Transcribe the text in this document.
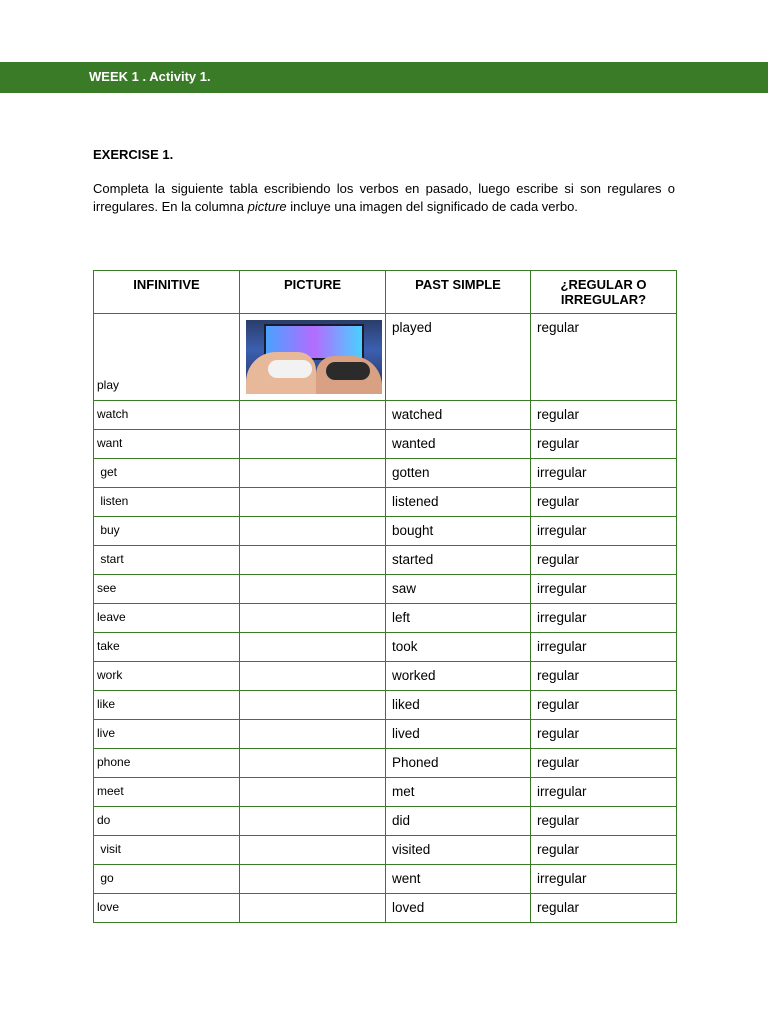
WEEK 1 . Activity 1.
EXERCISE 1.

Completa la siguiente tabla escribiendo los verbos en pasado, luego escribe si son regulares o irregulares. En la columna picture incluye una imagen del significado de cada verbo.

INFINITIVE	PICTURE	PAST SIMPLE	¿REGULAR O IRREGULAR?
play		played	regular
watch		watched	regular
want		wanted	regular
get		gotten	irregular
listen		listened	regular
buy		bought	irregular
start		started	regular
see		saw	irregular
leave		left	irregular
take		took	irregular
work		worked	regular
like		liked	regular
live		lived	regular
phone		Phoned	regular
meet		met	irregular
do		did	regular
visit		visited	regular
go		went	irregular
love		loved	regular
